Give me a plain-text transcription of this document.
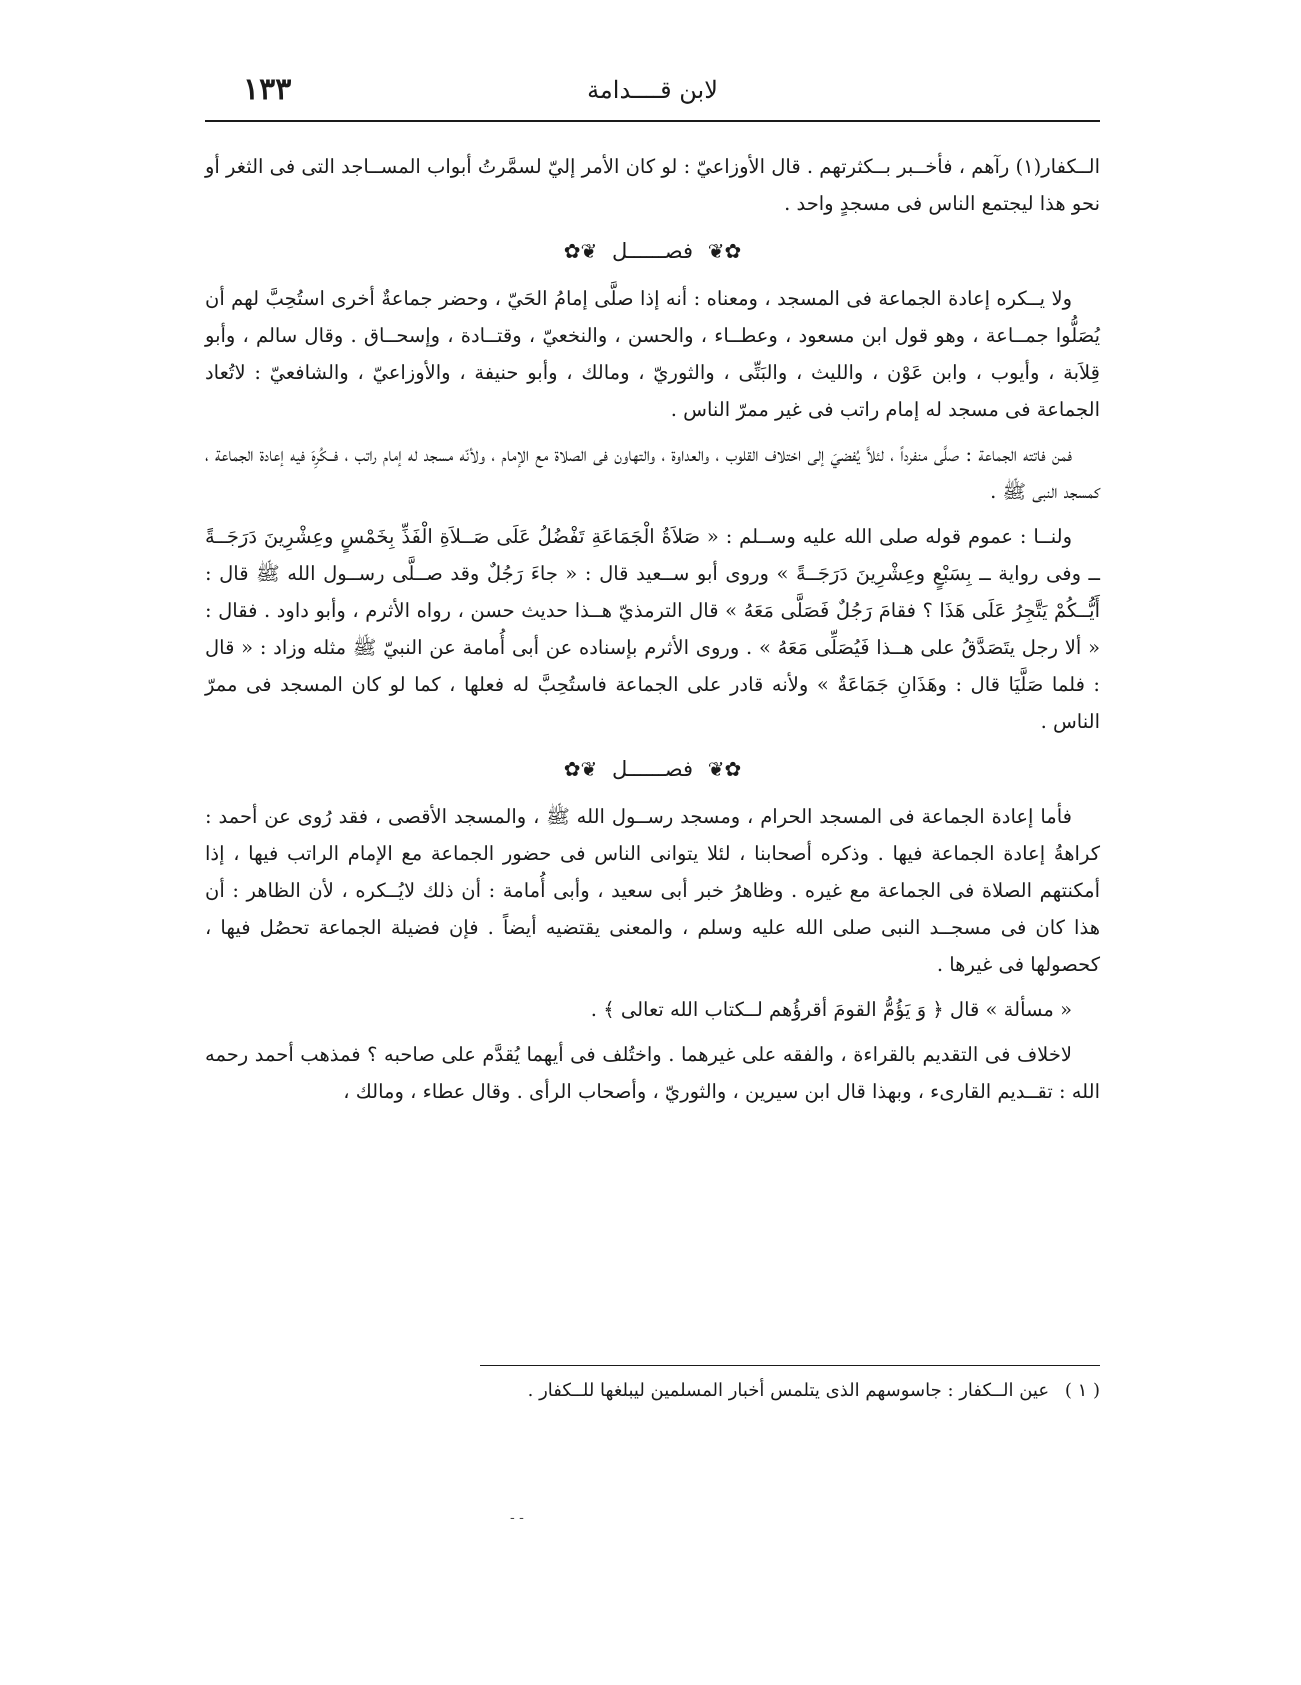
١٣٣	لابن قــــدامة

الــكفار(١) رآهم ، فأخــبر بــكثرتهم . قال الأوزاعيّ : لو كان الأمر إليّ لسمَّرتُ أبواب المســاجد التى فى الثغر أو نحو هذا ليجتمع الناس فى مسجدٍ واحد .

✿❦ فصــــــل ❦✿

ولا يــكره إعادة الجماعة فى المسجد ، ومعناه : أنه إذا صلَّى إمامُ الحَيّ ، وحضر جماعةٌ أخرى استُحِبَّ لهم أن يُصَلُّوا جمــاعة ، وهو قول ابن مسعود ، وعطــاء ، والحسن ، والنخعيّ ، وقتــادة ، وإسحــاق . وقال سالم ، وأبو قِلاَبة ، وأيوب ، وابن عَوْن ، والليث ، والبَتِّى ، والثوريّ ، ومالك ، وأبو حنيفة ، والأوزاعيّ ، والشافعيّ : لاتُعاد الجماعة فى مسجد له إمام راتب فى غير ممرّ الناس .

فمن فاتته الجماعة : صلَّى منفرداً ، لئلاَّ يُفضيَ إلى اختلاف القلوب ، والعداوة ، والتهاون فى الصلاة مع الإمام ، ولأنّه مسجد له إمام راتب ، فــكُرِهَ فيه إعادة الجماعة ، كمسجد النبى ﷺ .

ولنــا : عموم قوله صلى الله عليه وســلم : « صَلاَةُ الْجَمَاعَةِ تَفْضُلُ عَلَى صَــلاَةِ الْفَذِّ بِخَمْسٍ وعِشْرِينَ دَرَجَــةً ــ وفى رواية ــ بِسَبْعٍ وعِشْرِينَ دَرَجَــةً » وروى أبو ســعيد قال : « جاءَ رَجُلٌ وقد صــلَّى رســول الله ﷺ قال : أَيُّــكُمْ يَتَّجِرُ عَلَى هَذَا ؟ فقامَ رَجُلٌ فَصَلَّى مَعَهُ » قال الترمذيّ هــذا حديث حسن ، رواه الأثرم ، وأبو داود . فقال : « ألا رجل يتَصَدَّقُ على هــذا فَيُصَلِّى مَعَهُ » . وروى الأثرم بإسناده عن أبى أُمامة عن النبيّ ﷺ مثله وزاد : « قال : فلما صَلَّيَا قال : وهَذَانِ جَمَاعَةٌ » ولأنه قادر على الجماعة فاستُحِبَّ له فعلها ، كما لو كان المسجد فى ممرّ الناس .

✿❦ فصــــــل ❦✿

فأما إعادة الجماعة فى المسجد الحرام ، ومسجد رســول الله ﷺ ، والمسجد الأقصى ، فقد رُوى عن أحمد : كراهةُ إعادة الجماعة فيها . وذكره أصحابنا ، لئلا يتوانى الناس فى حضور الجماعة مع الإمام الراتب فيها ، إذا أمكنتهم الصلاة فى الجماعة مع غيره . وظاهرُ خبر أبى سعيد ، وأبى أُمامة : أن ذلك لايُــكره ، لأن الظاهر : أن هذا كان فى مسجــد النبى صلى الله عليه وسلم ، والمعنى يقتضيه أيضاً . فإن فضيلة الجماعة تحصُل فيها ، كحصولها فى غيرها .

« مسألة » قال ﴿ وَ يَؤُمُّ القومَ أقرؤُهم لــكتاب الله تعالى ﴾ .

لاخلاف فى التقديم بالقراءة ، والفقه على غيرهما . واختُلف فى أيهما يُقدَّم على صاحبه ؟ فمذهب أحمد رحمه الله : تقــديم القارىء ، وبهذا قال ابن سيرين ، والثوريّ ، وأصحاب الرأى . وقال عطاء ، ومالك ،

( ١ ) عين الــكفار : جاسوسهم الذى يتلمس أخبار المسلمين ليبلغها للــكفار .
- -
